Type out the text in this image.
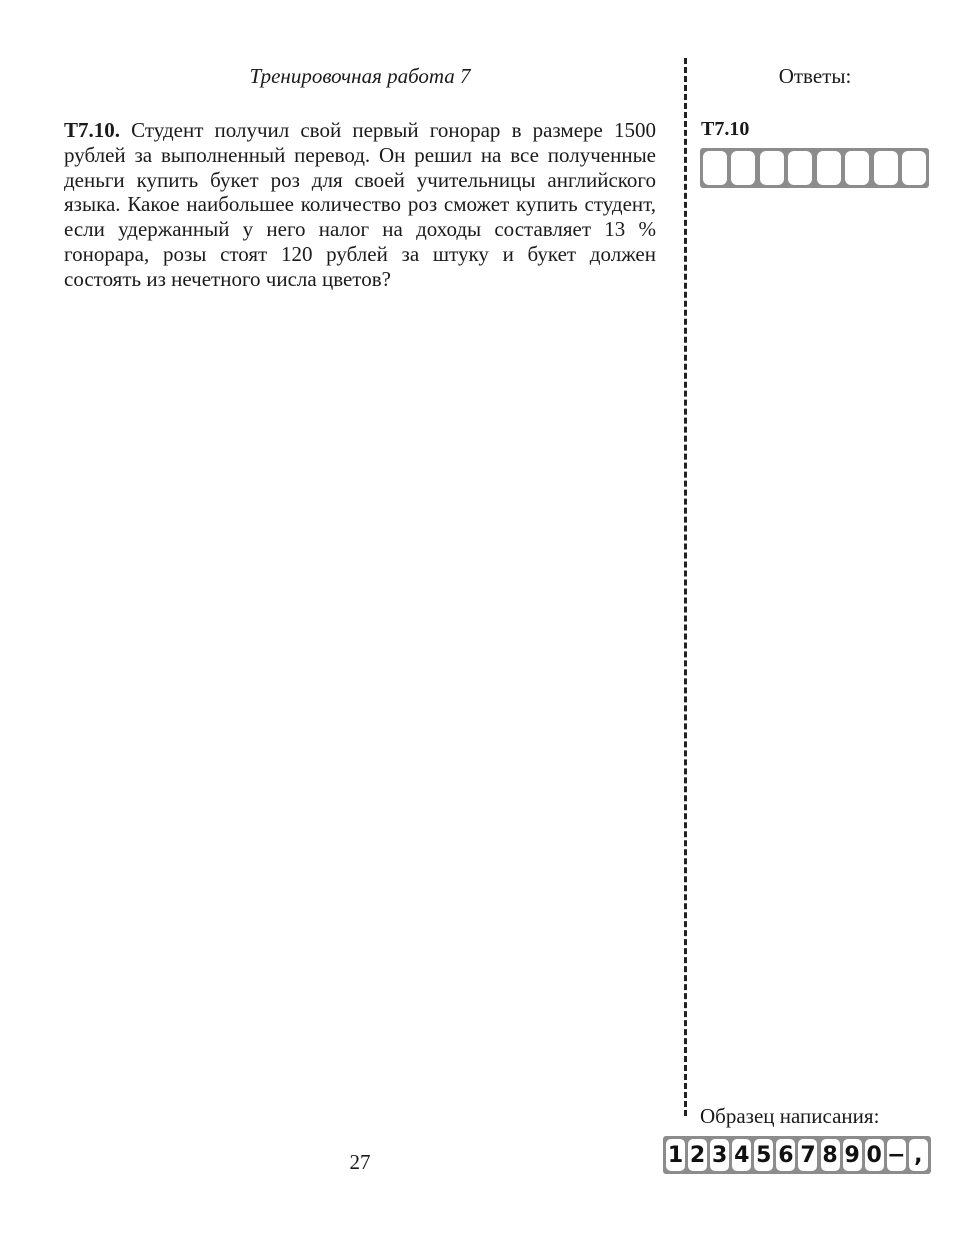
Тренировочная работа 7	Ответы:

Т7.10. Студент получил свой первый гонорар в размере 1500 рублей за выполненный перевод. Он решил на все полученные деньги купить букет роз для своей учительницы английского языка. Какое наибольшее количество роз сможет купить студент, если удержанный у него налог на доходы составляет 13 % гонорара, розы стоят 120 рублей за штуку и букет должен состоять из нечетного числа цветов?

Т7.10
Образец написания:
1 2 3 4 5 6 7 8 9 0 − ,
27
